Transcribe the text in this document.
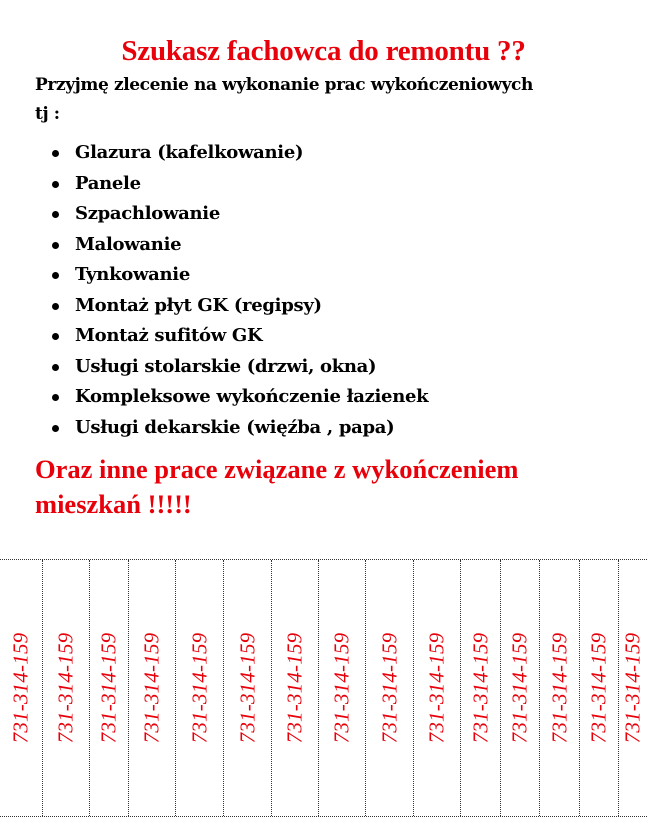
Szukasz fachowca do remontu ??

Przyjmę zlecenie na wykonanie prac wykończeniowych
tj :

Glazura (kafelkowanie)
Panele
Szpachlowanie
Malowanie
Tynkowanie
Montaż płyt GK (regipsy)
Montaż sufitów GK
Usługi stolarskie (drzwi, okna)
Kompleksowe wykończenie łazienek
Usługi dekarskie (więźba , papa)

Oraz inne prace związane z wykończeniem
mieszkań !!!!!

731-314-159 731-314-159 731-314-159 731-314-159 731-314-159 731-314-159 731-314-159 731-314-159 731-314-159 731-314-159 731-314-159 731-314-159 731-314-159 731-314-159 731-314-159
